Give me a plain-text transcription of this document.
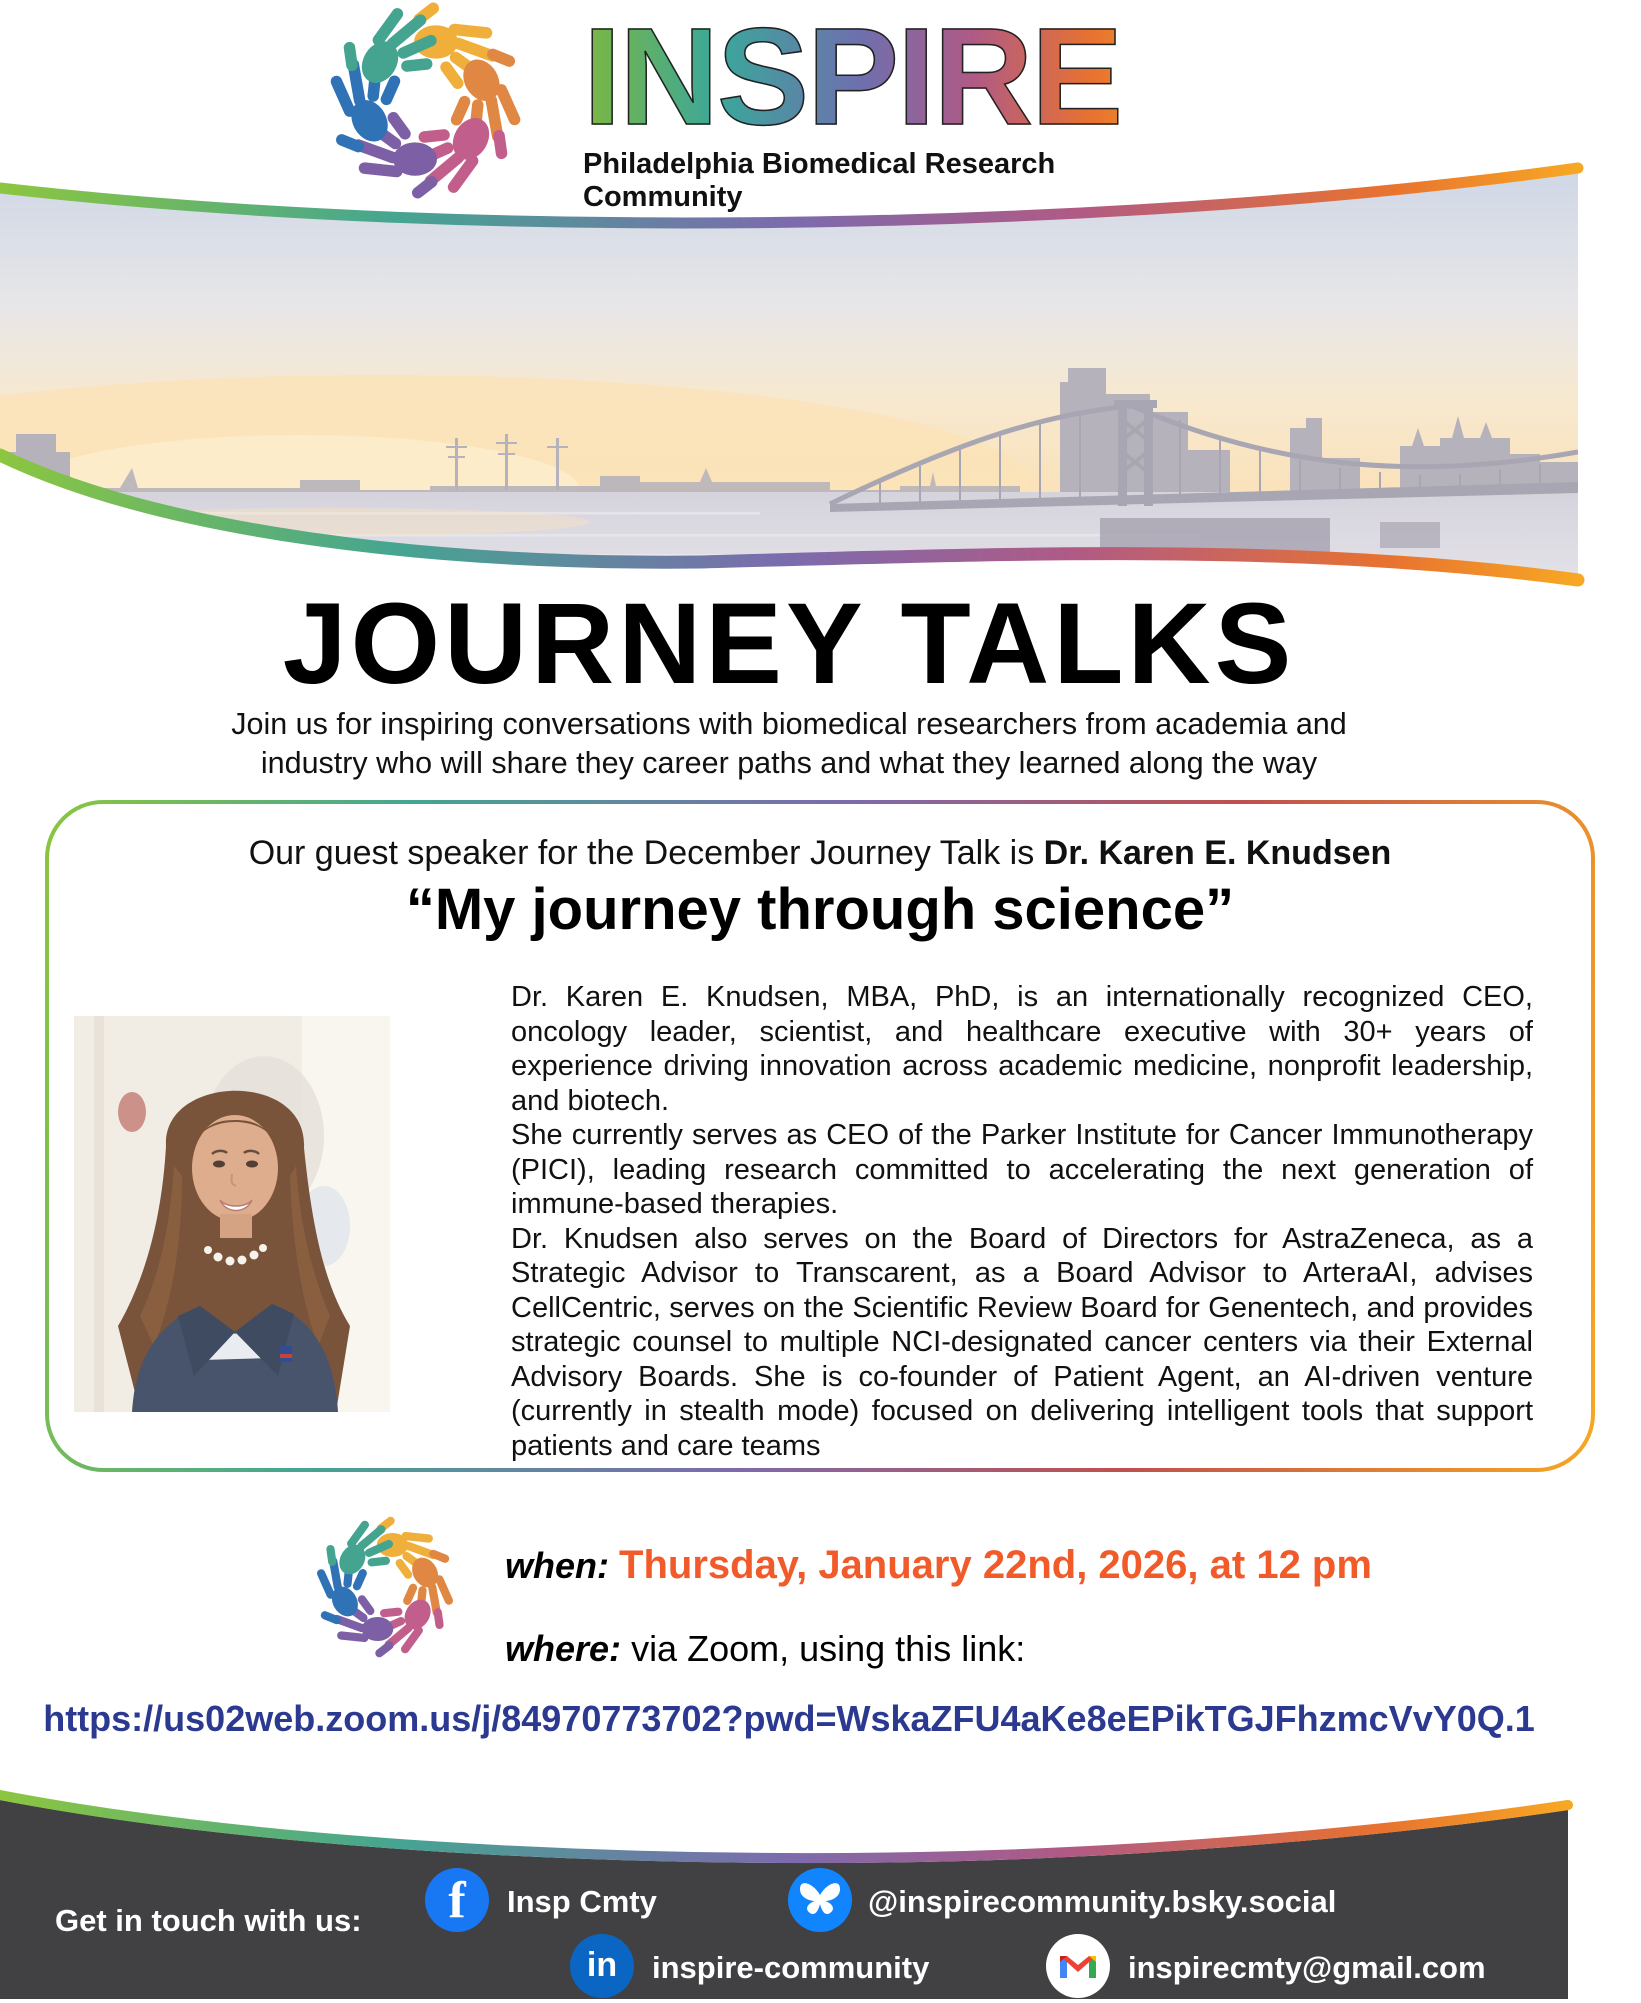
INSPIRE
Philadelphia Biomedical Research Community
JOURNEY TALKS
Join us for inspiring conversations with biomedical researchers from academia and
industry who will share they career paths and what they learned along the way
Our guest speaker for the December Journey Talk is Dr. Karen E. Knudsen
“My journey through science”

Dr. Karen E. Knudsen, MBA, PhD, is an internationally recognized CEO, oncology leader, scientist, and healthcare executive with 30+ years of experience driving innovation across academic medicine, nonprofit leadership, and biotech.

She currently serves as CEO of the Parker Institute for Cancer Immunotherapy (PICI), leading research committed to accelerating the next generation of immune-based therapies.

Dr. Knudsen also serves on the Board of Directors for AstraZeneca, as a Strategic Advisor to Transcarent, as a Board Advisor to ArteraAI, advises CellCentric, serves on the Scientific Review Board for Genentech, and provides strategic counsel to multiple NCI-designated cancer centers via their External Advisory Boards. She is co-founder of Patient Agent, an AI-driven venture (currently in stealth mode) focused on delivering intelligent tools that support patients and care teams

when: Thursday, January 22nd, 2026, at 12 pm
where: via Zoom, using this link:
https://us02web.zoom.us/j/84970773702?pwd=WskaZFU4aKe8eEPikTGJFhzmcVvY0Q.1
Get in touch with us:	f	Insp Cmty	@inspirecommunity.bsky.social
in	inspire-community	inspirecmty@gmail.com
